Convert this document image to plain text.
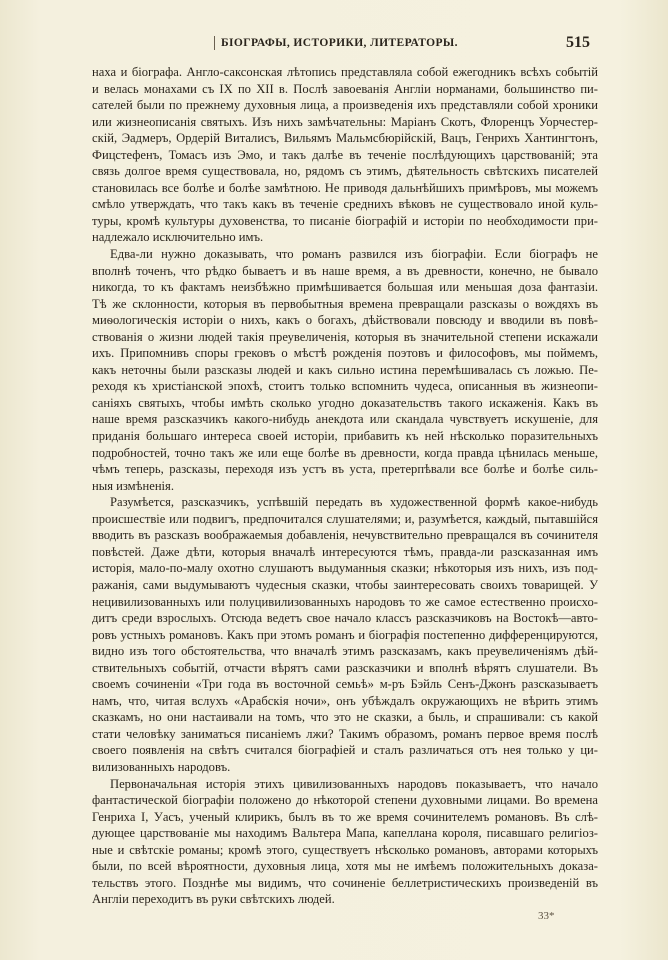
БІОГРАФЫ, ИСТОРИКИ, ЛИТЕРАТОРЫ.	515
наха и біографа. Англо-саксонская лѣтопись представляла собой ежегодникъ всѣхъ событій
и велась монахами съ IX по XII в. Послѣ завоеванія Англіи норманами, большинство пи-
сателей были по прежнему духовныя лица, а произведенія ихъ представляли собой хроники
или жизнеописанія святыхъ. Изъ нихъ замѣчательны: Маріанъ Скотъ, Флоренцъ Уорчестер-
скій, Эадмеръ, Ордерій Виталисъ, Вильямъ Мальмсбюрійскій, Вацъ, Генрихъ Хантингтонъ,
Фицстефенъ, Томасъ изъ Эмо, и такъ далѣе въ теченіе послѣдующихъ царствованій; эта
связь долгое время существовала, но, рядомъ съ этимъ, дѣятельность свѣтскихъ писателей
становилась все болѣе и болѣе замѣтною. Не приводя дальнѣйшихъ примѣровъ, мы можемъ
смѣло утверждать, что такъ какъ въ теченіе среднихъ вѣковъ не существовало иной куль-
туры, кромѣ культуры духовенства, то писаніе біографій и исторіи по необходимости при-
надлежало исключительно имъ.
Едва-ли нужно доказывать, что романъ развился изъ біографіи. Если біографъ не
вполнѣ точенъ, что рѣдко бываетъ и въ наше время, а въ древности, конечно, не бывало
никогда, то къ фактамъ неизбѣжно примѣшивается большая или меньшая доза фантазіи.
Тѣ же склонности, которыя въ первобытныя времена превращали разсказы о вождяхъ въ
миѳологическія исторіи о нихъ, какъ о богахъ, дѣйствовали повсюду и вводили въ повѣ-
ствованія о жизни людей такія преувеличенія, которыя въ значительной степени искажали
ихъ. Припомнивъ споры грековъ о мѣстѣ рожденія поэтовъ и философовъ, мы поймемъ,
какъ неточны были разсказы людей и какъ сильно истина перемѣшивалась съ ложью. Пе-
реходя къ христіанской эпохѣ, стоитъ только вспомнить чудеса, описанныя въ жизнеопи-
саніяхъ святыхъ, чтобы имѣть сколько угодно доказательствъ такого искаженія. Какъ въ
наше время разсказчикъ какого-нибудь анекдота или скандала чувствуетъ искушеніе, для
приданія большаго интереса своей исторіи, прибавить къ ней нѣсколько поразительныхъ
подробностей, точно такъ же или еще болѣе въ древности, когда правда цѣнилась меньше,
чѣмъ теперь, разсказы, переходя изъ устъ въ уста, претерпѣвали все болѣе и болѣе силь-
ныя измѣненія.
Разумѣется, разсказчикъ, успѣвшій передать въ художественной формѣ какое-нибудь
происшествіе или подвигъ, предпочитался слушателями; и, разумѣется, каждый, пытавшійся
вводить въ разсказъ воображаемыя добавленія, нечувствительно превращался въ сочинителя
повѣстей. Даже дѣти, которыя вначалѣ интересуются тѣмъ, правда-ли разсказанная имъ
исторія, мало-по-малу охотно слушаютъ выдуманныя сказки; нѣкоторыя изъ нихъ, изъ под-
ражанія, сами выдумываютъ чудесныя сказки, чтобы заинтересовать своихъ товарищей. У
нецивилизованныхъ или полуцивилизованныхъ народовъ то же самое естественно происхо-
дитъ среди взрослыхъ. Отсюда ведетъ свое начало классъ разсказчиковъ на Востокѣ—авто-
ровъ устныхъ романовъ. Какъ при этомъ романъ и біографія постепенно дифференцируются,
видно изъ того обстоятельства, что вначалѣ этимъ разсказамъ, какъ преувеличеніямъ дѣй-
ствительныхъ событій, отчасти вѣрятъ сами разсказчики и вполнѣ вѣрятъ слушатели. Въ
своемъ сочиненіи «Три года въ восточной семьѣ» м-ръ Бэйль Сенъ-Джонъ разсказываетъ
намъ, что, читая вслухъ «Арабскія ночи», онъ убѣждалъ окружающихъ не вѣрить этимъ
сказкамъ, но они настаивали на томъ, что это не сказки, а быль, и спрашивали: съ какой
стати человѣку заниматься писаніемъ лжи? Такимъ образомъ, романъ первое время послѣ
своего появленія на свѣтъ считался біографіей и сталъ различаться отъ нея только у ци-
вилизованныхъ народовъ.
Первоначальная исторія этихъ цивилизованныхъ народовъ показываетъ, что начало
фантастической біографіи положено до нѣкоторой степени духовными лицами. Во времена
Генриха I, Уасъ, ученый клирикъ, былъ въ то же время сочинителемъ романовъ. Въ слѣ-
дующее царствованіе мы находимъ Вальтера Мапа, капеллана короля, писавшаго религіоз-
ные и свѣтскіе романы; кромѣ этого, существуетъ нѣсколько романовъ, авторами которыхъ
были, по всей вѣроятности, духовныя лица, хотя мы не имѣемъ положительныхъ доказа-
тельствъ этого. Позднѣе мы видимъ, что сочиненіе беллетристическихъ произведеній въ
Англіи переходитъ въ руки свѣтскихъ людей.
33*
